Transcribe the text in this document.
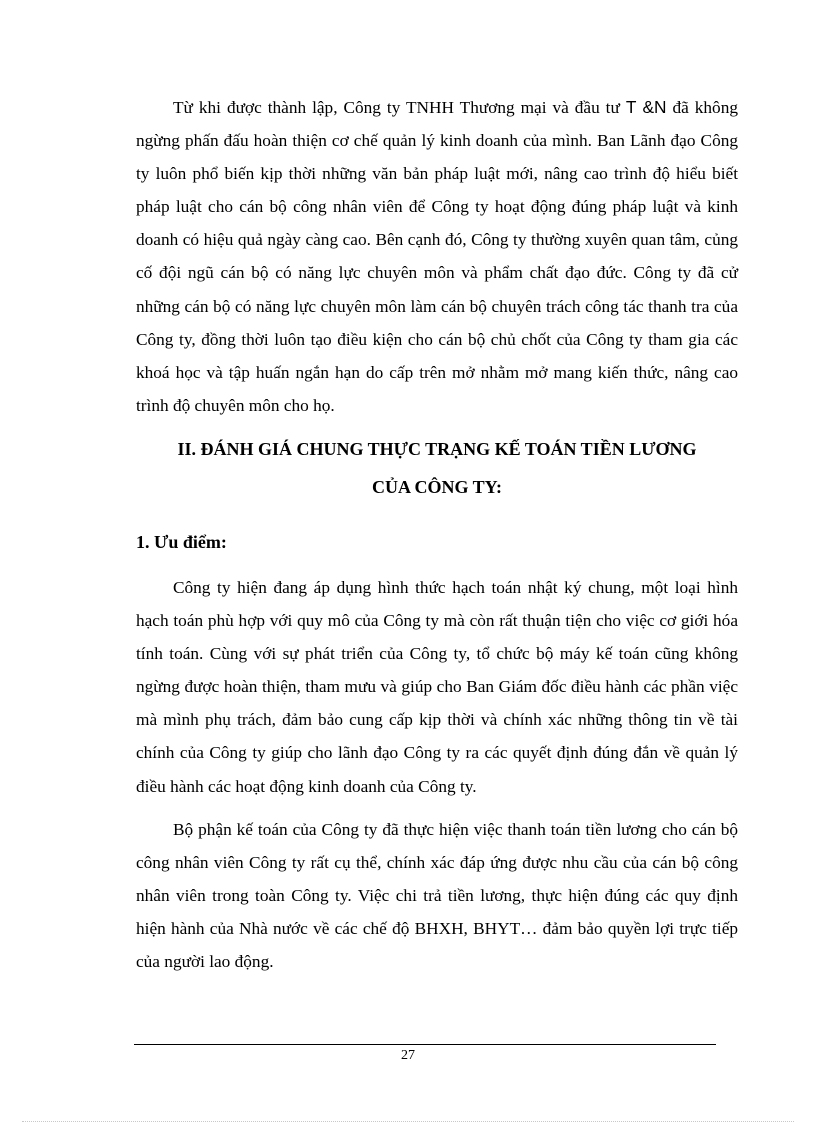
Từ khi được thành lập, Công ty TNHH Thương mại và đầu tư T &N đã không ngừng phấn đấu hoàn thiện cơ chế quản lý kinh doanh của mình. Ban Lãnh đạo Công ty luôn phổ biến kịp thời những văn bản pháp luật mới, nâng cao trình độ hiểu biết pháp luật cho cán bộ công nhân viên để Công ty hoạt động đúng pháp luật và kinh doanh có hiệu quả ngày càng cao. Bên cạnh đó, Công ty thường xuyên quan tâm, củng cố đội ngũ cán bộ có năng lực chuyên môn và phẩm chất đạo đức. Công ty đã cử những cán bộ có năng lực chuyên môn làm cán bộ chuyên trách công tác thanh tra của Công ty, đồng thời luôn tạo điều kiện cho cán bộ chủ chốt của Công ty tham gia các khoá học và tập huấn ngắn hạn do cấp trên mở nhằm mở mang kiến thức, nâng cao trình độ chuyên môn cho họ.

II. ĐÁNH GIÁ CHUNG THỰC TRẠNG KẾ TOÁN TIỀN LƯƠNG

CỦA CÔNG TY:

1. Ưu điểm:

Công ty hiện đang áp dụng hình thức hạch toán nhật ký chung, một loại hình hạch toán phù hợp với quy mô của Công ty mà còn rất thuận tiện cho việc cơ giới hóa tính toán. Cùng với sự phát triển của Công ty, tổ chức bộ máy kế toán cũng không ngừng được hoàn thiện, tham mưu và giúp cho Ban Giám đốc điều hành các phần việc mà mình phụ trách, đảm bảo cung cấp kịp thời và chính xác những thông tin về tài chính của Công ty giúp cho lãnh đạo Công ty ra các quyết định đúng đắn về quản lý điều hành các hoạt động kinh doanh của Công ty.

Bộ phận kế toán của Công ty đã thực hiện việc thanh toán tiền lương cho cán bộ công nhân viên Công ty rất cụ thể, chính xác đáp ứng được nhu cầu của cán bộ công nhân viên trong toàn Công ty. Việc chi trả tiền lương, thực hiện đúng các quy định hiện hành của Nhà nước về các chế độ BHXH, BHYT… đảm bảo quyền lợi trực tiếp của người lao động.

27
